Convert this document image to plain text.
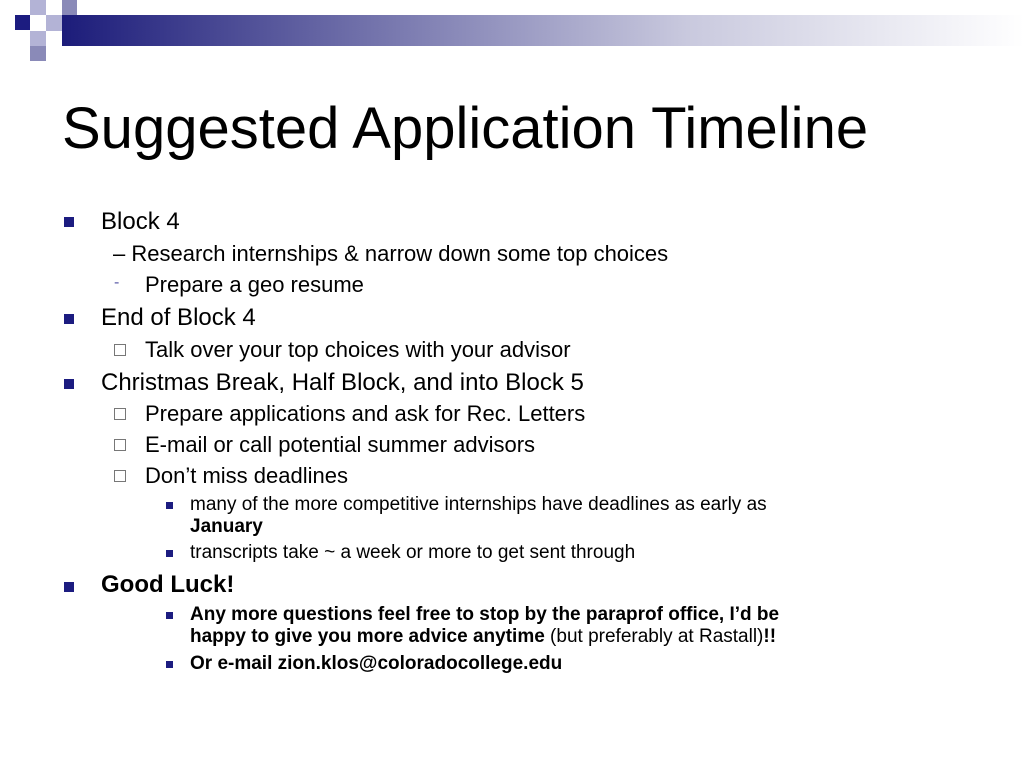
Suggested Application Timeline
Block 4
– Research internships & narrow down some top choices
- Prepare a geo resume
End of Block 4
Talk over your top choices with your advisor
Christmas Break, Half Block, and into Block 5
Prepare applications and ask for Rec. Letters
E-mail or call potential summer advisors
Don’t miss deadlines
many of the more competitive internships have deadlines as early as
January
transcripts take ~ a week or more to get sent through
Good Luck!
Any more questions feel free to stop by the paraprof office, I’d be
happy to give you more advice anytime (but preferably at Rastall)!!
Or e-mail zion.klos@coloradocollege.edu
